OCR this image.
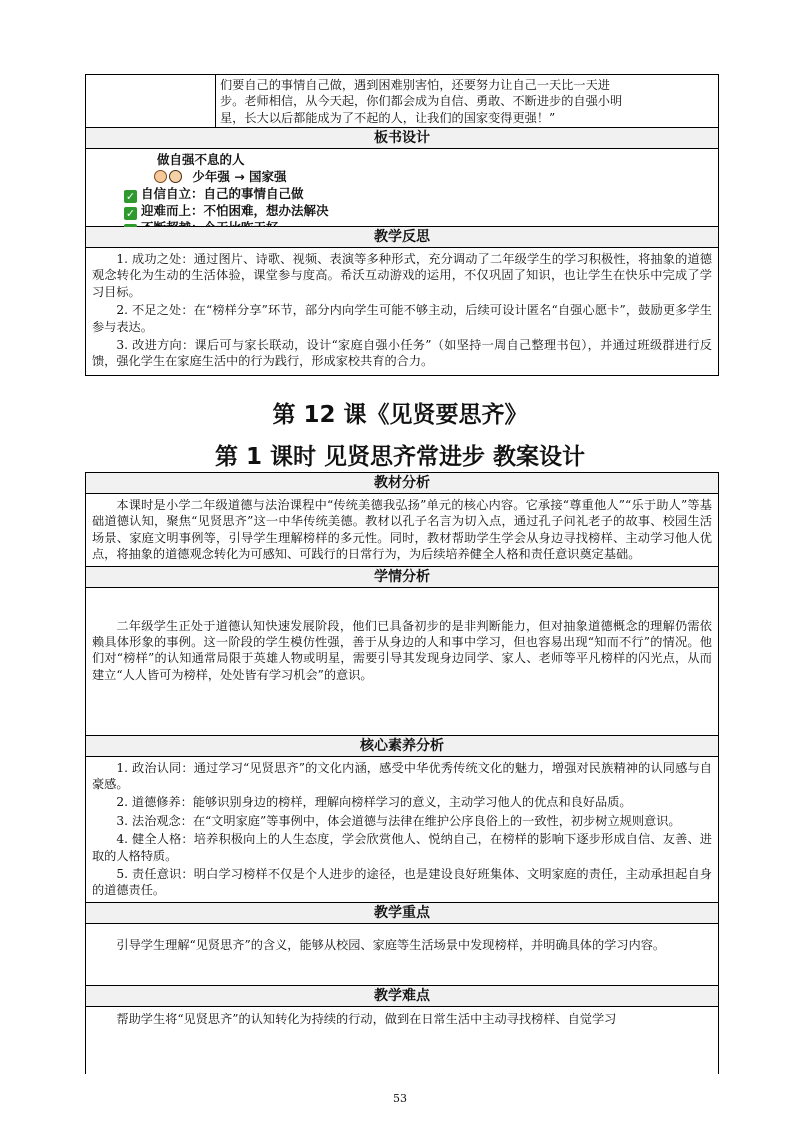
们要自己的事情自己做，遇到困难别害怕，还要努力让自己一天比一天进
步。老师相信，从今天起，你们都会成为自信、勇敢、不断进步的自强小明
星，长大以后都能成为了不起的人，让我们的国家变得更强！”
板书设计
做自强不息的人
少年强 → 国家强
✓ 自信自立：自己的事情自己做
✓ 迎难而上：不怕困难，想办法解决
教学反思

1. 成功之处：通过图片、诗歌、视频、表演等多种形式，充分调动了二年级学生的学习积极性，将抽象的道德观念转化为生动的生活体验，课堂参与度高。希沃互动游戏的运用，不仅巩固了知识，也让学生在快乐中完成了学习目标。

2. 不足之处：在“榜样分享”环节，部分内向学生可能不够主动，后续可设计匿名“自强心愿卡”，鼓励更多学生参与表达。

3. 改进方向：课后可与家长联动，设计“家庭自强小任务”（如坚持一周自己整理书包），并通过班级群进行反馈，强化学生在家庭生活中的行为践行，形成家校共育的合力。

第 12 课《见贤要思齐》
第 1 课时 见贤思齐常进步 教案设计
教材分析

本课时是小学二年级道德与法治课程中“传统美德我弘扬”单元的核心内容。它承接“尊重他人”“乐于助人”等基础道德认知，聚焦“见贤思齐”这一中华传统美德。教材以孔子名言为切入点，通过孔子问礼老子的故事、校园生活场景、家庭文明事例等，引导学生理解榜样的多元性。同时，教材帮助学生学会从身边寻找榜样、主动学习他人优点，将抽象的道德观念转化为可感知、可践行的日常行为，为后续培养健全人格和责任意识奠定基础。

学情分析

二年级学生正处于道德认知快速发展阶段，他们已具备初步的是非判断能力，但对抽象道德概念的理解仍需依赖具体形象的事例。这一阶段的学生模仿性强，善于从身边的人和事中学习，但也容易出现“知而不行”的情况。他们对“榜样”的认知通常局限于英雄人物或明星，需要引导其发现身边同学、家人、老师等平凡榜样的闪光点，从而建立“人人皆可为榜样，处处皆有学习机会”的意识。

核心素养分析

1. 政治认同：通过学习“见贤思齐”的文化内涵，感受中华优秀传统文化的魅力，增强对民族精神的认同感与自豪感。

2. 道德修养：能够识别身边的榜样，理解向榜样学习的意义，主动学习他人的优点和良好品质。

3. 法治观念：在“文明家庭”等事例中，体会道德与法律在维护公序良俗上的一致性，初步树立规则意识。

4. 健全人格：培养积极向上的人生态度，学会欣赏他人、悦纳自己，在榜样的影响下逐步形成自信、友善、进取的人格特质。

5. 责任意识：明白学习榜样不仅是个人进步的途径，也是建设良好班集体、文明家庭的责任，主动承担起自身的道德责任。

教学重点

引导学生理解“见贤思齐”的含义，能够从校园、家庭等生活场景中发现榜样，并明确具体的学习内容。

教学难点

帮助学生将“见贤思齐”的认知转化为持续的行动，做到在日常生活中主动寻找榜样、自觉学习

53
